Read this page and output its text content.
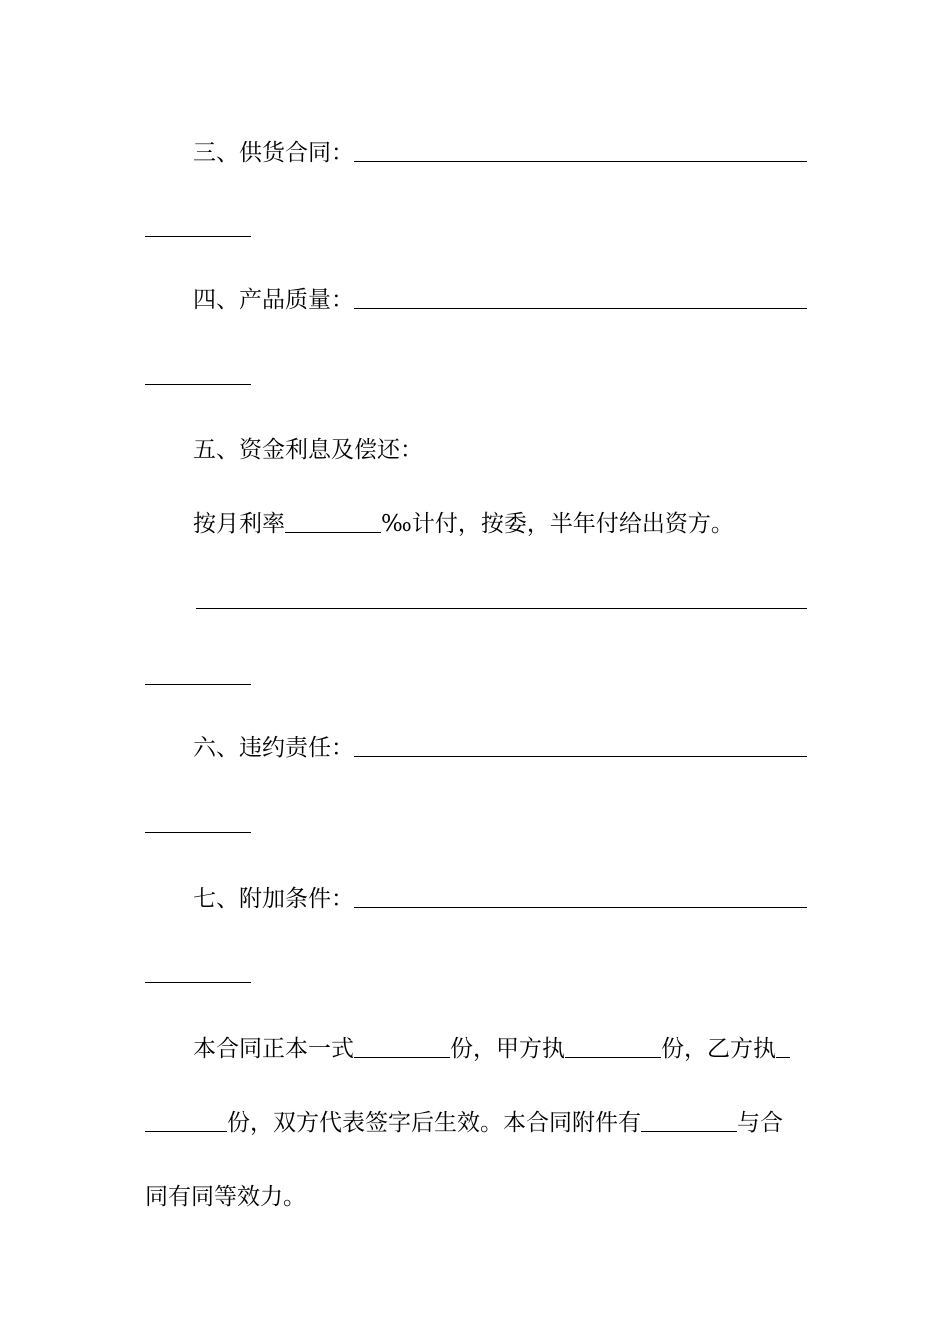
三、供货合同：
四、产品质量：
五、资金利息及偿还：
按月利率	‰计付，按委，半年付给出资方。
六、违约责任：
七、附加条件：
本合同正本一式	份，甲方执	份，乙方执
份，双方代表签字后生效。本合同附件有	与合
同有同等效力。
